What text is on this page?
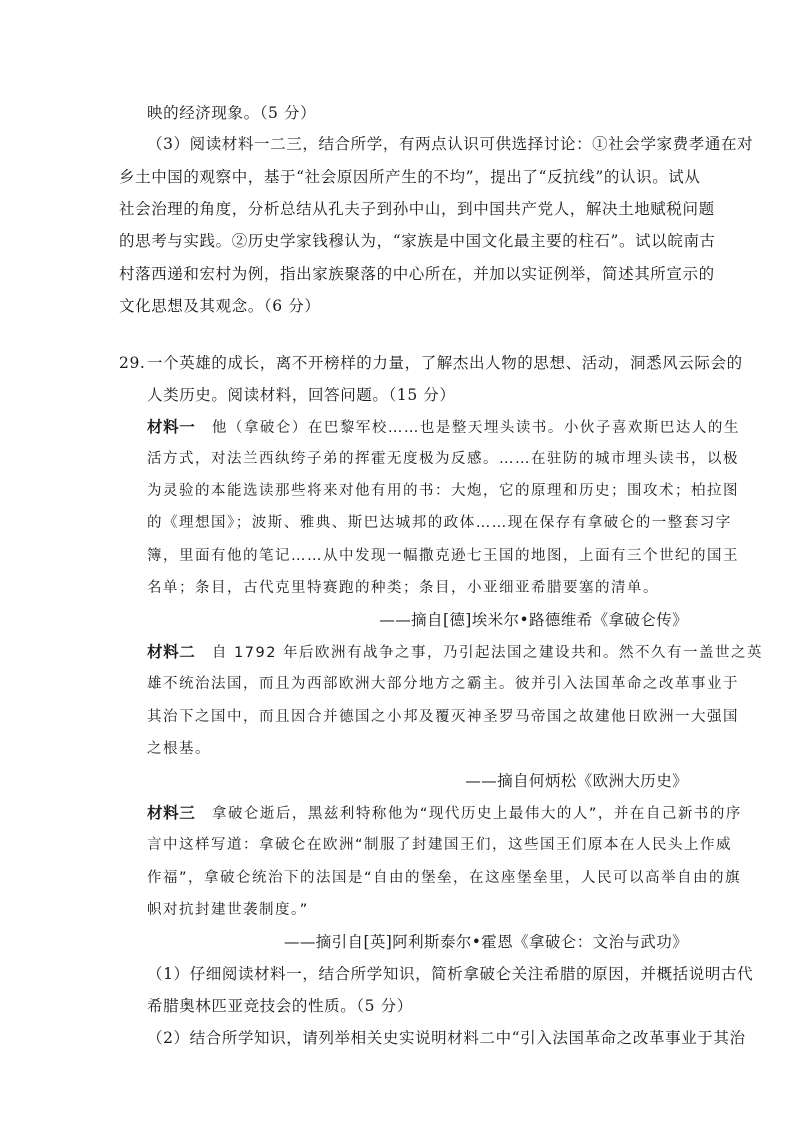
映的经济现象。（5 分）
（3）阅读材料一二三，结合所学，有两点认识可供选择讨论：①社会学家费孝通在对
乡土中国的观察中，基于“社会原因所产生的不均”，提出了“反抗线”的认识。试从
社会治理的角度，分析总结从孔夫子到孙中山，到中国共产党人，解决土地赋税问题
的思考与实践。②历史学家钱穆认为，“家族是中国文化最主要的柱石”。试以皖南古
村落西递和宏村为例，指出家族聚落的中心所在，并加以实证例举，简述其所宣示的
文化思想及其观念。（6 分）
29. 一个英雄的成长，离不开榜样的力量，了解杰出人物的思想、活动，洞悉风云际会的
人类历史。阅读材料，回答问题。（15 分）
材料一 他（拿破仑）在巴黎军校……也是整天埋头读书。小伙子喜欢斯巴达人的生
活方式，对法兰西纨绔子弟的挥霍无度极为反感。……在驻防的城市埋头读书，以极
为灵验的本能选读那些将来对他有用的书：大炮，它的原理和历史；围攻术；柏拉图
的《理想国》；波斯、雅典、斯巴达城邦的政体……现在保存有拿破仑的一整套习字
簿，里面有他的笔记……从中发现一幅撒克逊七王国的地图，上面有三个世纪的国王
名单；条目，古代克里特赛跑的种类；条目，小亚细亚希腊要塞的清单。
——摘自[德]埃米尔•路德维希《拿破仑传》
材料二 自 1792 年后欧洲有战争之事，乃引起法国之建设共和。然不久有一盖世之英
雄不统治法国，而且为西部欧洲大部分地方之霸主。彼并引入法国革命之改革事业于
其治下之国中，而且因合并德国之小邦及覆灭神圣罗马帝国之故建他日欧洲一大强国
之根基。
——摘自何炳松《欧洲大历史》
材料三 拿破仑逝后，黑兹利特称他为“现代历史上最伟大的人”，并在自己新书的序
言中这样写道：拿破仑在欧洲“制服了封建国王们，这些国王们原本在人民头上作威
作福”，拿破仑统治下的法国是“自由的堡垒，在这座堡垒里，人民可以高举自由的旗
帜对抗封建世袭制度。”
——摘引自[英]阿利斯泰尔•霍恩《拿破仑：文治与武功》
（1）仔细阅读材料一，结合所学知识，简析拿破仑关注希腊的原因，并概括说明古代
希腊奥林匹亚竞技会的性质。（5 分）
（2）结合所学知识，请列举相关史实说明材料二中“引入法国革命之改革事业于其治
